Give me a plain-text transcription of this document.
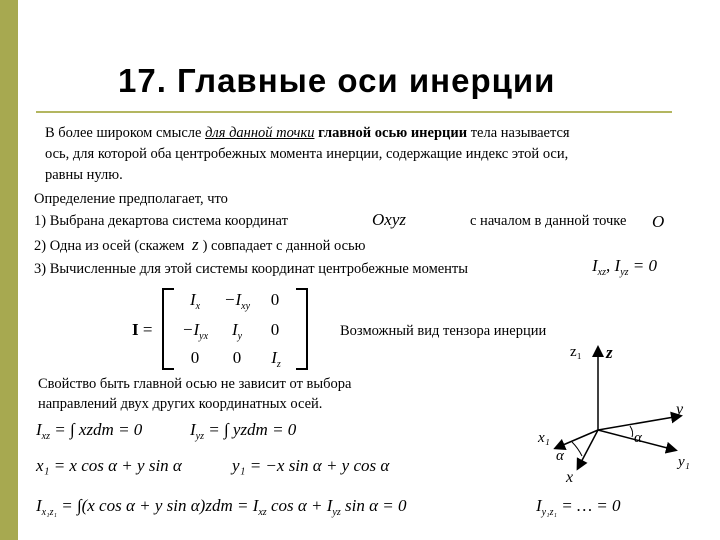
17. Главные оси инерции
В более широком смысле для данной точки главной осью инерции тела называется
ось, для которой оба центробежных момента инерции, содержащие индекс этой оси,
равны нулю.
Определение предполагает, что
1) Выбрана декартова система координат	Oxyz	с началом в данной точке O
2) Одна из осей (скажем z ) совпадает с данной осью
3) Вычисленные для этой системы координат центробежные моменты	$I_{xz}$, $I_{yz} = 0$
I =
$I_x$	$-I_{xy}$	0
$-I_{yx}$	$I_y$	0
0	0	$I_z$
Возможный вид тензора инерции
Свойство быть главной осью не зависит от выбора
направлений двух других координатных осей.
$I_{xz}$ = ∫ xzdm = 0	$I_{yz}$ = ∫ yzdm = 0
x₁ = x cos α + y sin α	y₁ = −x sin α + y cos α
$I_{x_1z_1} = \int(x$ cos α + y $\sin \alpha)zdm = I_{xz}$ $\cos \alpha + I_{yz}$ sin α = 0	$I_{y_1z_1}$ = … = 0
z₁ z
y
y₁
x₁
x
α
α
